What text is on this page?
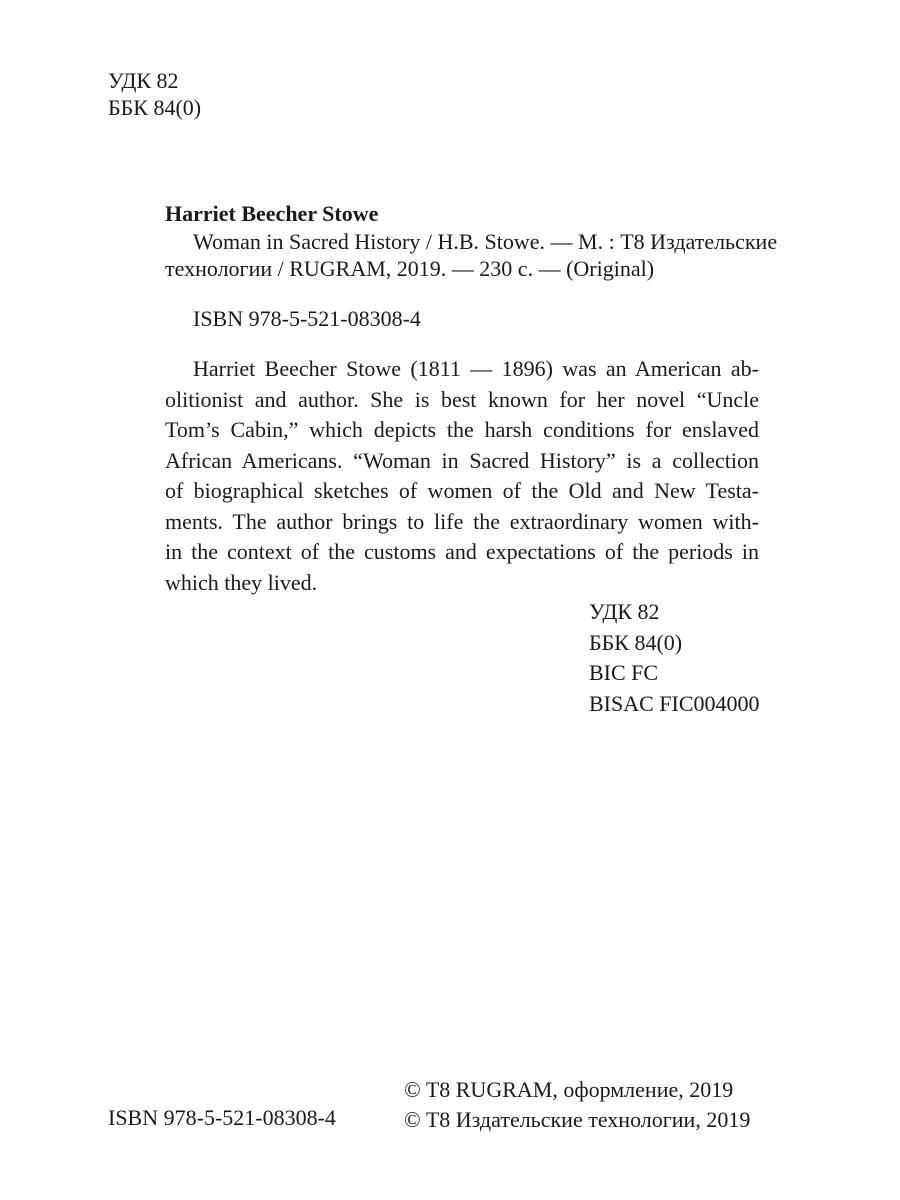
УДК 82
ББК 84(0)
Harriet Beecher Stowe
Woman in Sacred History / H.B. Stowe. — М. : T8 Издательские
технологии / RUGRAM, 2019. — 230 с. — (Original)
ISBN 978-5-521-08308-4
Harriet Beecher Stowe (1811 — 1896) was an American ab-
olitionist and author. She is best known for her novel “Uncle
Tom’s Cabin,” which depicts the harsh conditions for enslaved
African Americans. “Woman in Sacred History” is a collection
of biographical sketches of women of the Old and New Testa-
ments. The author brings to life the extraordinary women with-
in the context of the customs and expectations of the periods in
which they lived.
УДК 82
ББК 84(0)
BIC FC
BISAC FIC004000
ISBN 978-5-521-08308-4
© T8 RUGRAM, оформление, 2019
© T8 Издательские технологии, 2019
